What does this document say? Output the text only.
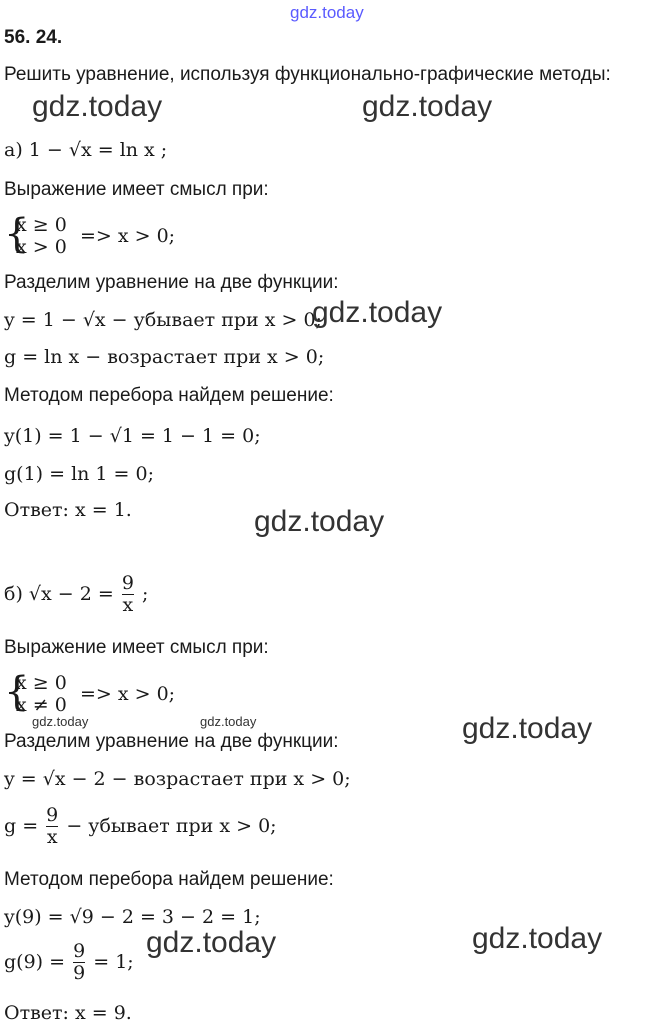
gdz.today
56. 24.
Решить уравнение, используя функционально-графические методы:
gdz.today	gdz.today
а) 1 − √x = ln x ;
Выражение имеет смысл при:
{
x ≥ 0
x > 0 => x > 0;
Разделим уравнение на две функции:
y = 1 − √x − убывает при x > 0;
gdz.today
g = ln x − возрастает при x > 0;
Методом перебора найдем решение:
y(1) = 1 − √1 = 1 − 1 = 0;
g(1) = ln 1 = 0;
Ответ: x = 1.	gdz.today
б) $√x - 2 = \frac{9}{x}$ ;
Выражение имеет смысл при:
{
x ≥ 0
x ≠ 0 => x > 0;
gdz.today	gdz.today	gdz.today
Разделим уравнение на две функции:
y = √x − 2 − возрастает при x > 0;
$g = \frac{9}{x}$ − убывает при x > 0;
Методом перебора найдем решение:
y(9) = √9 − 2 = 3 − 2 = 1;
gdz.today	gdz.today
$g(9) = \frac{9}{9} = 1$;
Ответ: x = 9.
